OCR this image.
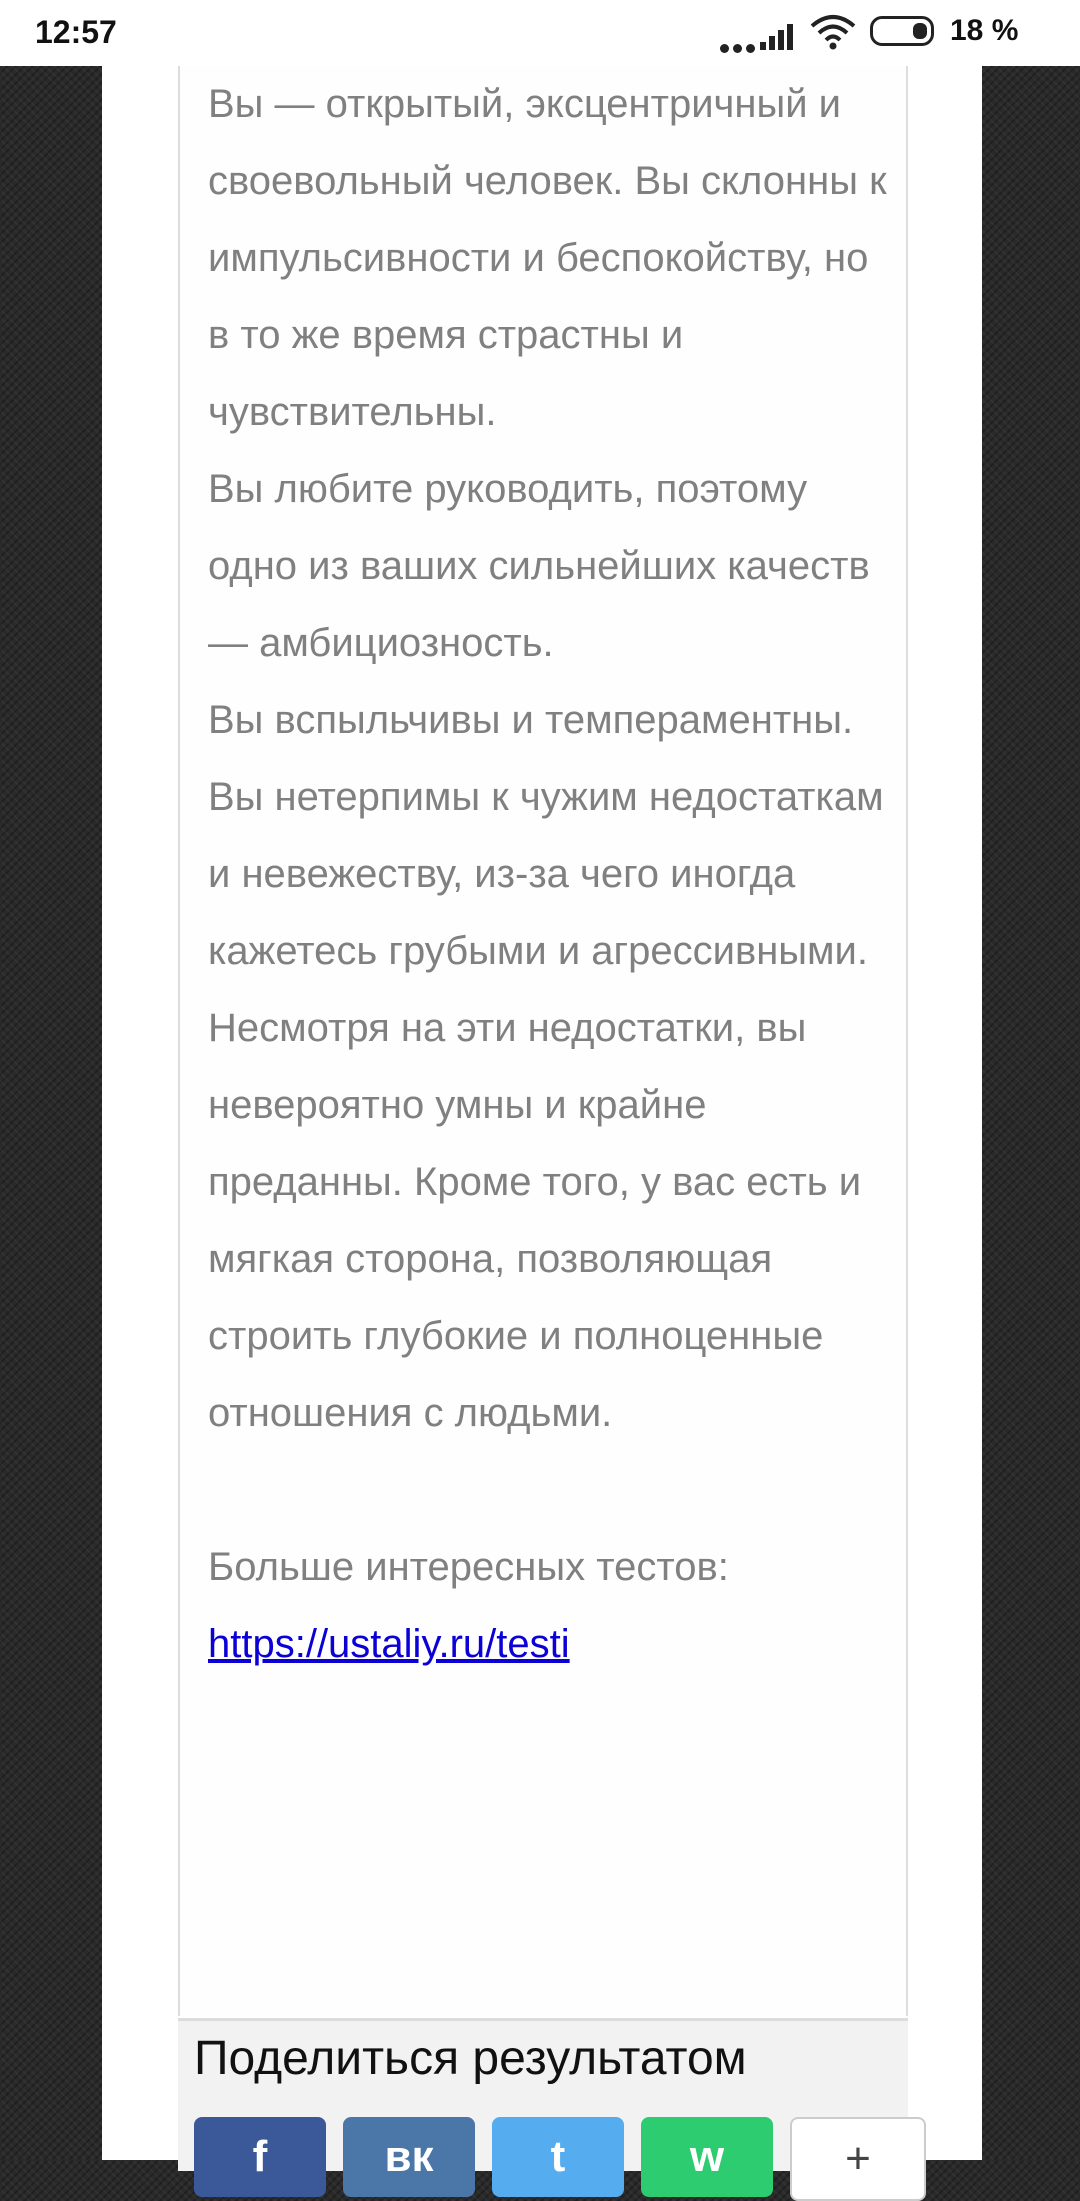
12:57	18 %

Вы — открытый, эксцентричный и своевольный человек. Вы склонны к импульсивности и беспокойству, но в то же время страстны и чувствительны.

Вы любите руководить, поэтому одно из ваших сильнейших качеств — амбициозность.

Вы вспыльчивы и темпераментны. Вы нетерпимы к чужим недостаткам и невежеству, из-за чего иногда кажетесь грубыми и агрессивными.

Несмотря на эти недостатки, вы невероятно умны и крайне преданны. Кроме того, у вас есть и мягкая сторона, позволяющая строить глубокие и полноценные отношения с людьми.

Больше интересных тестов:

https://ustaliy.ru/testi
Поделиться результатом
f	вк	t	w	+
